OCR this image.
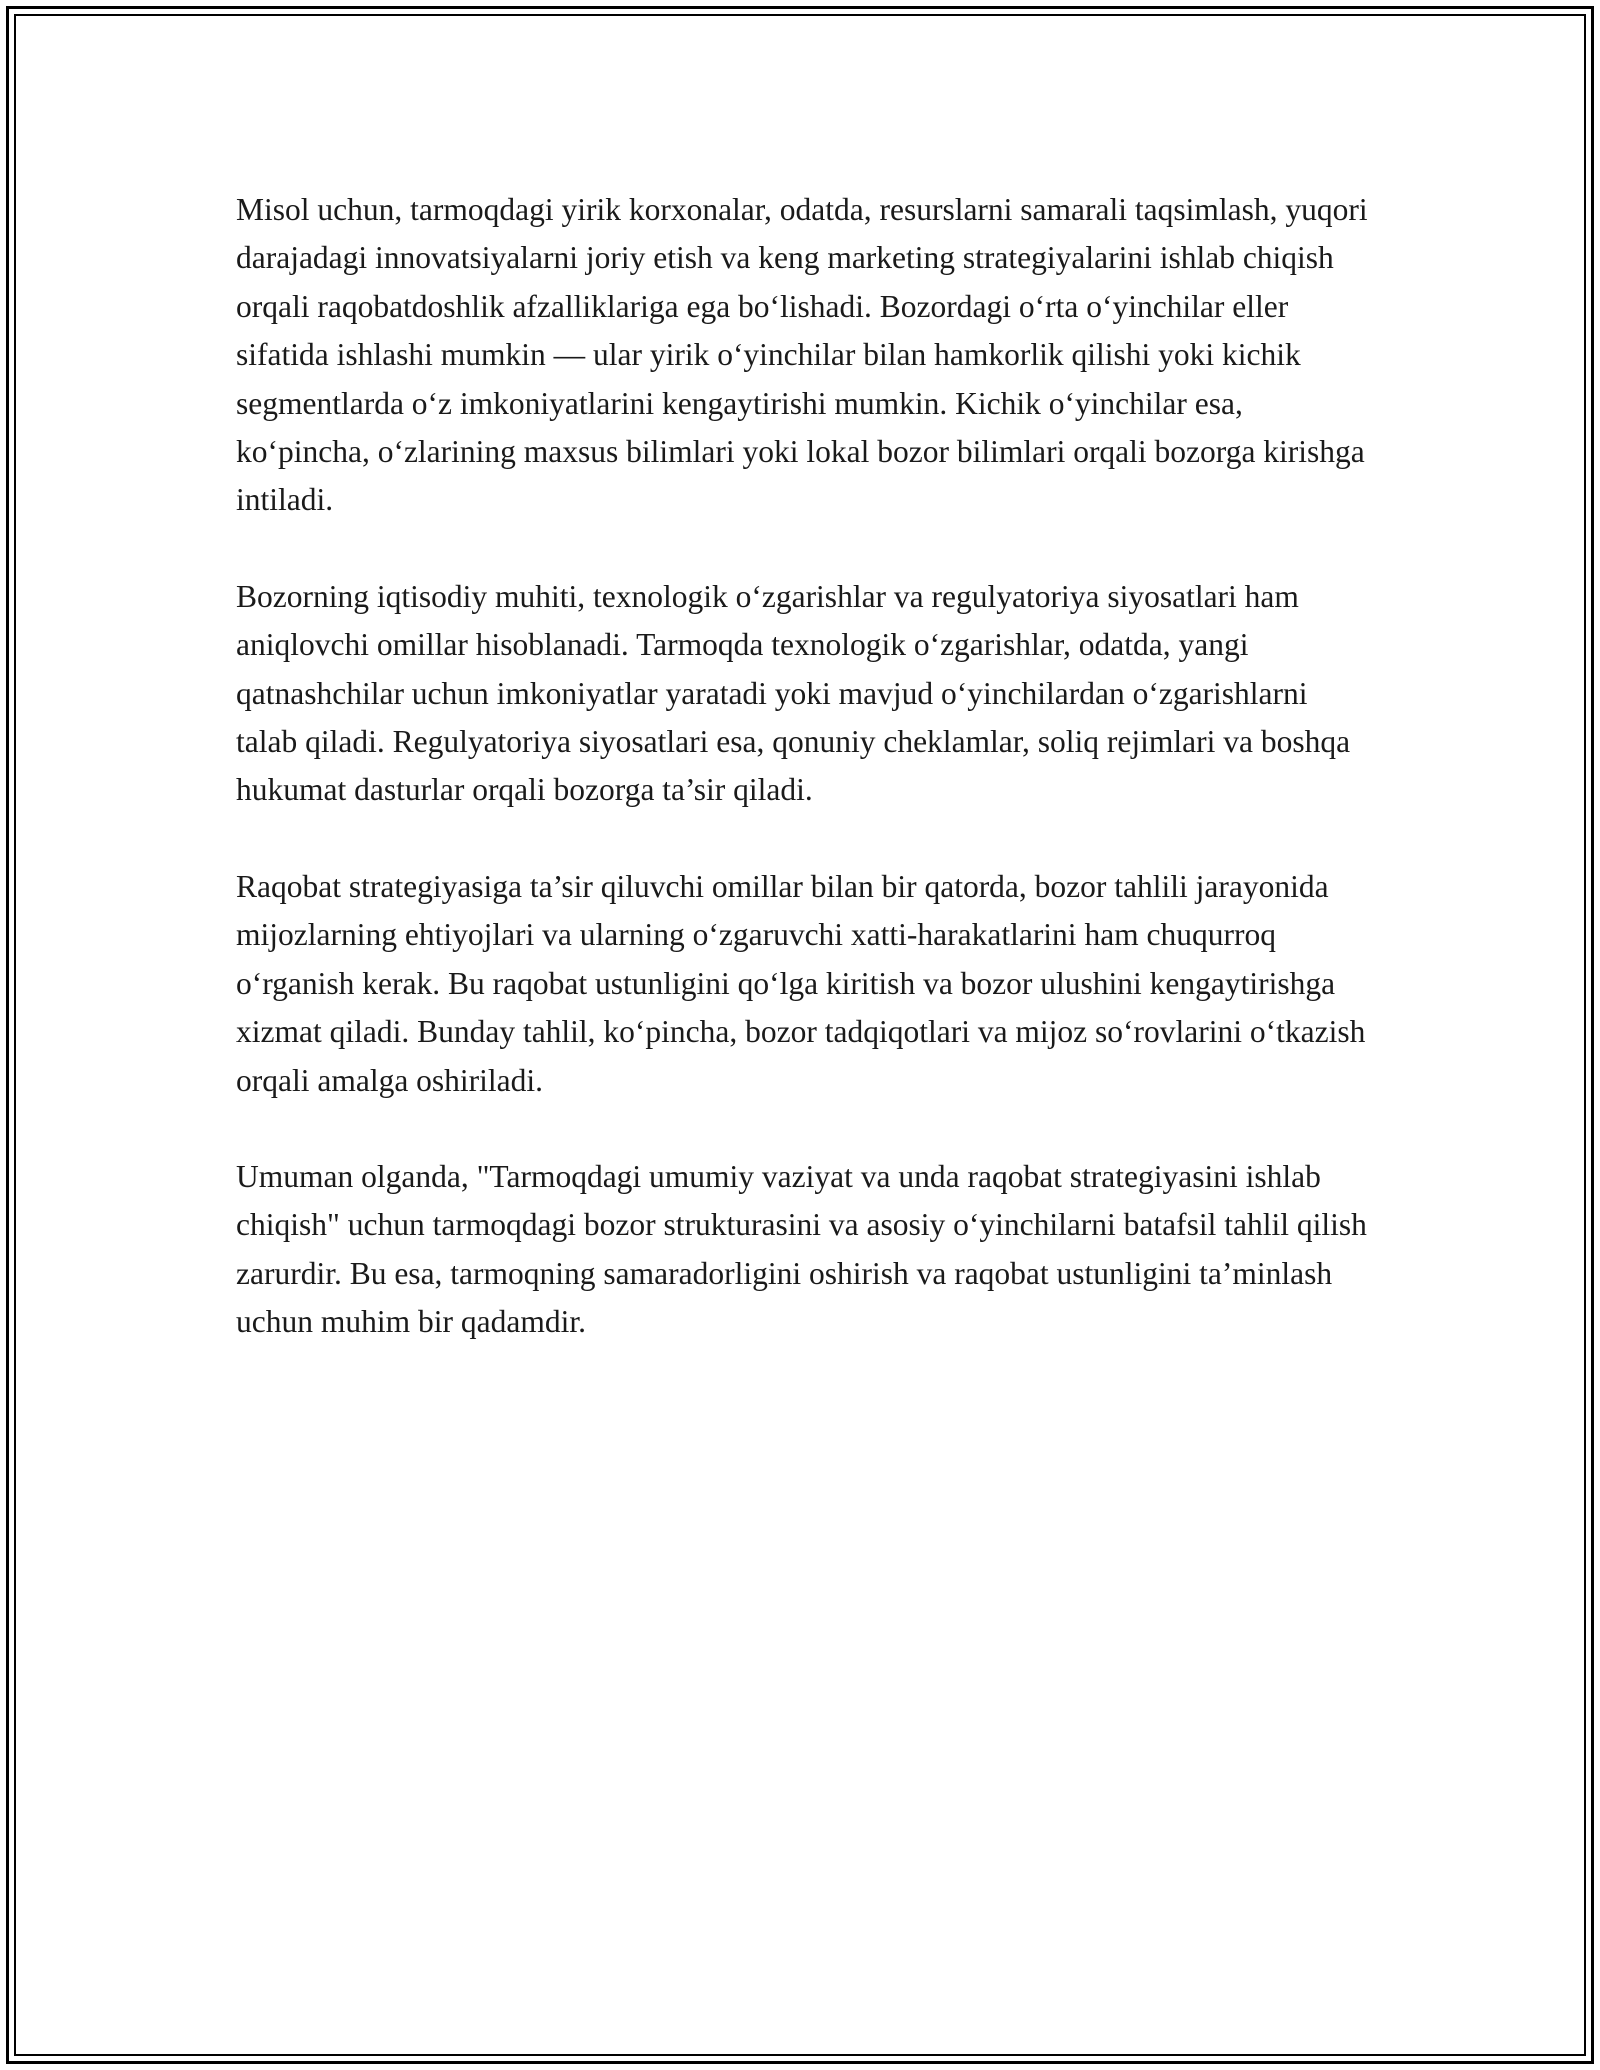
Misol uchun, tarmoqdagi yirik korxonalar, odatda, resurslarni samarali taqsimlash, yuqori darajadagi innovatsiyalarni joriy etish va keng marketing strategiyalarini ishlab chiqish orqali raqobatdoshlik afzalliklariga ega bo‘lishadi. Bozordagi o‘rta o‘yinchilar eller sifatida ishlashi mumkin — ular yirik o‘yinchilar bilan hamkorlik qilishi yoki kichik segmentlarda o‘z imkoniyatlarini kengaytirishi mumkin. Kichik o‘yinchilar esa, ko‘pincha, o‘zlarining maxsus bilimlari yoki lokal bozor bilimlari orqali bozorga kirishga intiladi.

Bozorning iqtisodiy muhiti, texnologik o‘zgarishlar va regulyatoriya siyosatlari ham aniqlovchi omillar hisoblanadi. Tarmoqda texnologik o‘zgarishlar, odatda, yangi qatnashchilar uchun imkoniyatlar yaratadi yoki mavjud o‘yinchilardan o‘zgarishlarni talab qiladi. Regulyatoriya siyosatlari esa, qonuniy cheklamlar, soliq rejimlari va boshqa hukumat dasturlar orqali bozorga ta’sir qiladi.

Raqobat strategiyasiga ta’sir qiluvchi omillar bilan bir qatorda, bozor tahlili jarayonida mijozlarning ehtiyojlari va ularning o‘zgaruvchi xatti-harakatlarini ham chuqurroq o‘rganish kerak. Bu raqobat ustunligini qo‘lga kiritish va bozor ulushini kengaytirishga xizmat qiladi. Bunday tahlil, ko‘pincha, bozor tadqiqotlari va mijoz so‘rovlarini o‘tkazish orqali amalga oshiriladi.

Umuman olganda, "Tarmoqdagi umumiy vaziyat va unda raqobat strategiyasini ishlab chiqish" uchun tarmoqdagi bozor strukturasini va asosiy o‘yinchilarni batafsil tahlil qilish zarurdir. Bu esa, tarmoqning samaradorligini oshirish va raqobat ustunligini ta’minlash uchun muhim bir qadamdir.
